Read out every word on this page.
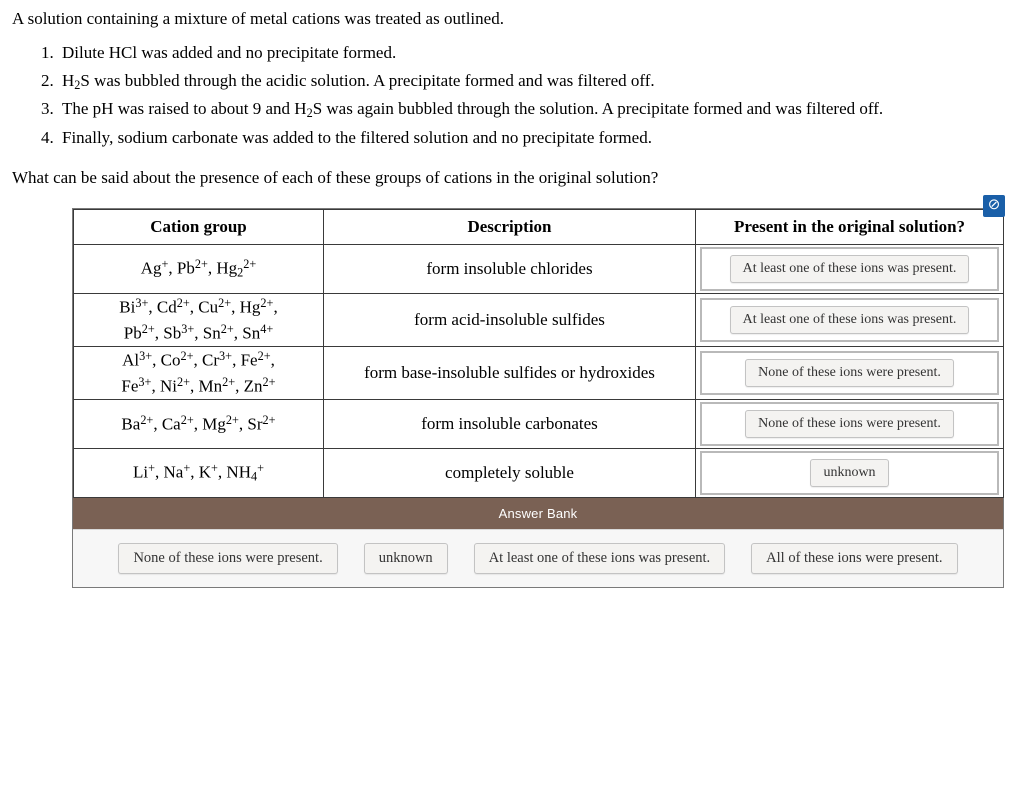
A solution containing a mixture of metal cations was treated as outlined.
1. Dilute HCl was added and no precipitate formed.
2. $H_2S$ was bubbled through the acidic solution. A precipitate formed and was filtered off.
3. The pH was raised to about 9 and $H_2S$ was again bubbled through the solution. A precipitate formed and was filtered off.
4. Finally, sodium carbonate was added to the filtered solution and no precipitate formed.
What can be said about the presence of each of these groups of cations in the original solution?
⊘
Cation group	Description	Present in the original solution?
Ag+, $Pb^{2+}$, $Hg_2^{2+}$	form insoluble chlorides	At least one of these ions was present.

$Bi^{3+}$, $Cd^{2+}$, $Cu^{2+}$, $Hg^{2+}$,
$Pb^{2+}$, $Sb^{3+}$, $Sn^{2+}$, $Sn^{4+}$	form acid-insoluble sulfides	At least one of these ions was present.

$Al^{3+}$, $Co^{2+}$, $Cr^{3+}$, $Fe^{2+}$,
$Fe^{3+}$, $Ni^{2+}$, $Mn^{2+}$, $Zn^{2+}$	form base-insoluble sulfides or hydroxides	None of these ions were present.

$Ba^{2+}$, $Ca^{2+}$, $Mg^{2+}$, $Sr^{2+}$	form insoluble carbonates	None of these ions were present.

Li+, Na+, K+, $NH_4^+$	completely soluble	unknown
Answer Bank
None of these ions were present.	unknown	At least one of these ions was present.	All of these ions were present.
